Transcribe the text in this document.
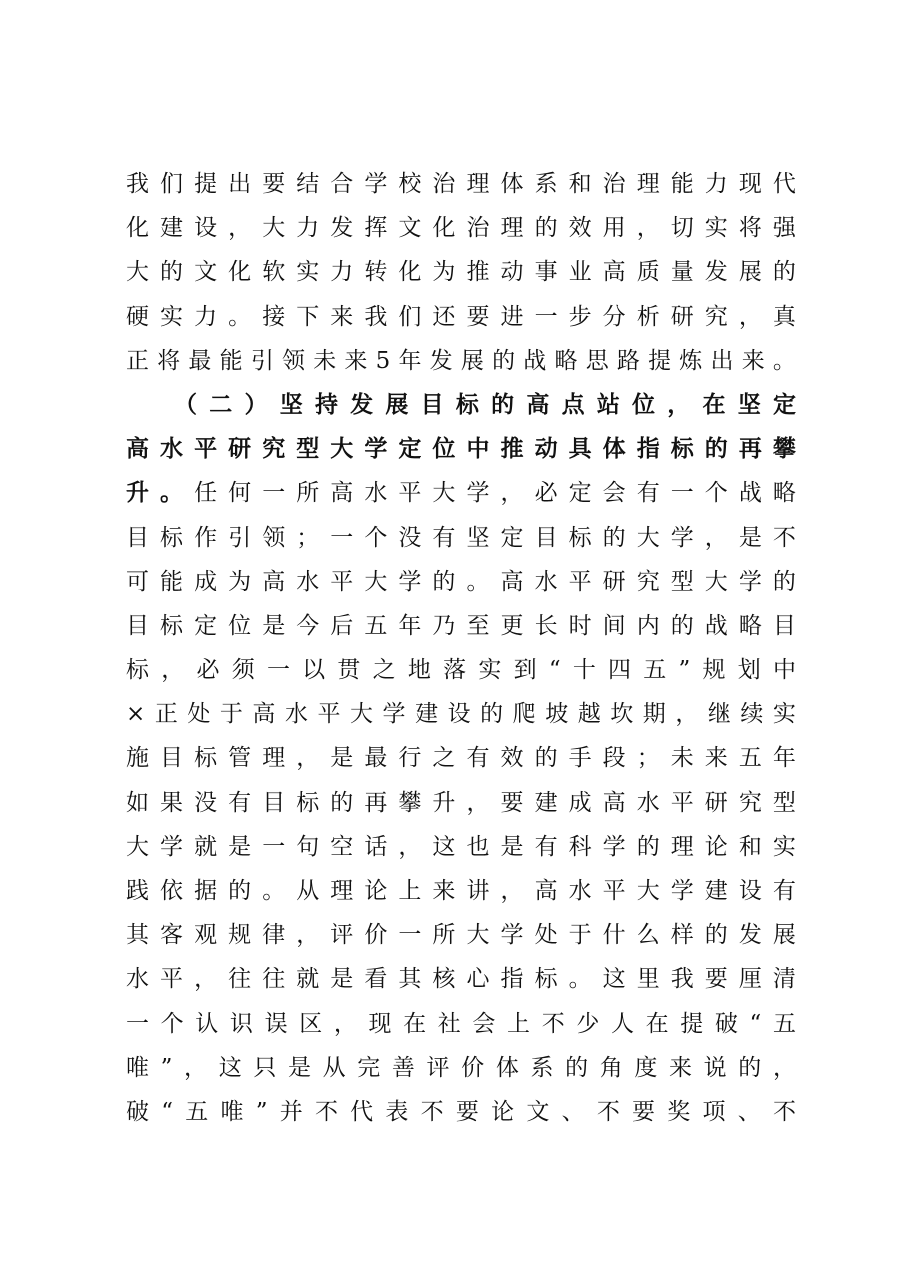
我 们 提 出 要 结 合 学 校 治 理 体 系 和 治 理 能 力 现 代
化 建 设 ， 大 力 发 挥 文 化 治 理 的 效 用 ， 切 实 将 强
大 的 文 化 软 实 力 转 化 为 推 动 事 业 高 质 量 发 展 的
硬 实 力 。 接 下 来 我 们 还 要 进 一 步 分 析 研 究 ， 真
正 将 最 能 引 领 未 来 5 年 发 展 的 战 略 思 路 提 炼 出 来 。
（ 二 ） 坚 持 发 展 目 标 的 高 点 站 位 ， 在 坚 定
高 水 平 研 究 型 大 学 定 位 中 推 动 具 体 指 标 的 再 攀
升 。 任 何 一 所 高 水 平 大 学 ， 必 定 会 有 一 个 战 略
目 标 作 引 领 ； 一 个 没 有 坚 定 目 标 的 大 学 ， 是 不
可 能 成 为 高 水 平 大 学 的 。 高 水 平 研 究 型 大 学 的
目 标 定 位 是 今 后 五 年 乃 至 更 长 时 间 内 的 战 略 目
标 ， 必 须 一 以 贯 之 地 落 实 到 “ 十 四 五 ” 规 划 中
× 正 处 于 高 水 平 大 学 建 设 的 爬 坡 越 坎 期 ， 继 续 实
施 目 标 管 理 ， 是 最 行 之 有 效 的 手 段 ； 未 来 五 年
如 果 没 有 目 标 的 再 攀 升 ， 要 建 成 高 水 平 研 究 型
大 学 就 是 一 句 空 话 ， 这 也 是 有 科 学 的 理 论 和 实
践 依 据 的 。 从 理 论 上 来 讲 ， 高 水 平 大 学 建 设 有
其 客 观 规 律 ， 评 价 一 所 大 学 处 于 什 么 样 的 发 展
水 平 ， 往 往 就 是 看 其 核 心 指 标 。 这 里 我 要 厘 清
一 个 认 识 误 区 ， 现 在 社 会 上 不 少 人 在 提 破 “ 五
唯 ” ， 这 只 是 从 完 善 评 价 体 系 的 角 度 来 说 的 ，
破 “ 五 唯 ” 并 不 代 表 不 要 论 文 、 不 要 奖 项 、 不
